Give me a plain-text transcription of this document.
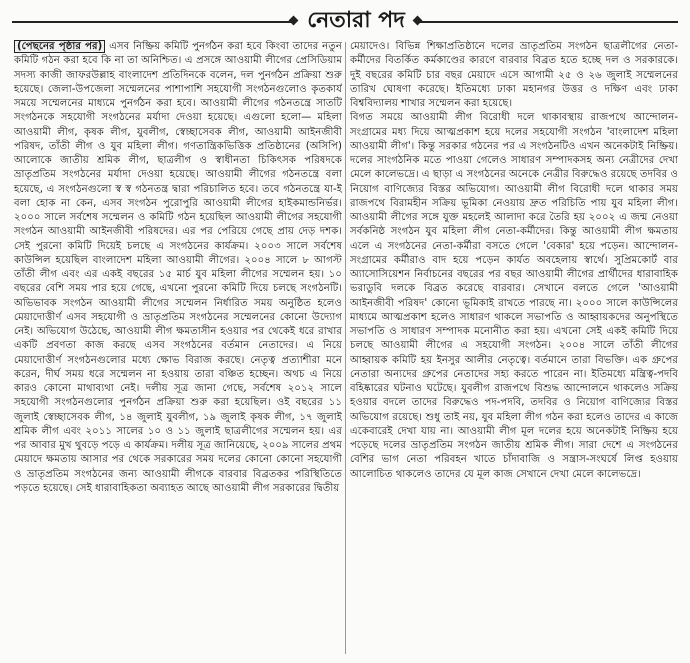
নেতারা পদ

(পেছনের পৃষ্ঠার পর) এসব নিষ্ক্রিয় কমিটি পুনর্গঠন করা হবে কিংবা তাদের নতুন কমিটি গঠন করা হবে কি না তা অনিশ্চিত। এ প্রসঙ্গে আওয়ামী লীগের প্রেসিডিয়াম সদস্য কাজী জাফরউল্লাহ বাংলাদেশ প্রতিদিনকে বলেন, দল পুনর্গঠন প্রক্রিয়া শুরু হয়েছে। জেলা-উপজেলা সম্মেলনের পাশাপাশি সহযোগী সংগঠনগুলোও কৃতকার্য সময়ে সম্মেলনের মাধ্যমে পুনর্গঠন করা হবে। আওয়ামী লীগের গঠনতন্ত্রে সাতটি সংগঠনকে সহযোগী সংগঠনের মর্যাদা দেওয়া হয়েছে। এগুলো হলো— মহিলা আওয়ামী লীগ, কৃষক লীগ, যুবলীগ, স্বেচ্ছাসেবক লীগ, আওয়ামী আইনজীবী পরিষদ, তাঁতী লীগ ও যুব মহিলা লীগ। গণতান্ত্রিকভিত্তিক প্রতিষ্ঠানের (অসিপি) আলোকে জাতীয় শ্রমিক লীগ, ছাত্রলীগ ও স্বাধীনতা চিকিৎসক পরিষদকে ভ্রাতৃপ্রতিম সংগঠনের মর্যাদা দেওয়া হয়েছে। আওয়ামী লীগের গঠনতন্ত্রে বলা হয়েছে, এ সংগঠনগুলো স্ব স্ব গঠনতন্ত্র দ্বারা পরিচালিত হবে। তবে গঠনতন্ত্রে যা-ই বলা হোক না কেন, এসব সংগঠন পুরোপুরি আওয়ামী লীগের হাইকমান্ডনির্ভর। ২০০০ সালে সর্বশেষ সম্মেলন ও কমিটি গঠন হয়েছিল আওয়ামী লীগের সহযোগী সংগঠন আওয়ামী আইনজীবী পরিষদের। এর পর পেরিয়ে গেছে প্রায় দেড় দশক। সেই পুরনো কমিটি দিয়েই চলছে এ সংগঠনের কার্যক্রম। ২০০৩ সালে সর্বশেষ কাউন্সিল হয়েছিল বাংলাদেশ মহিলা আওয়ামী লীগের। ২০০৪ সালে ৮ আগস্ট তাঁতী লীগ এবং এর একই বছরের ১৫ মার্চ যুব মহিলা লীগের সম্মেলন হয়। ১০ বছরের বেশি সময় পার হয়ে গেছে, এখনো পুরনো কমিটি দিয়ে চলছে সংগঠনটি। অভিভাবক সংগঠন আওয়ামী লীগের সম্মেলন নির্ধারিত সময় অনুষ্ঠিত হলেও মেয়াদোত্তীর্ণ এসব সহযোগী ও ভ্রাতৃপ্রতিম সংগঠনের সম্মেলনের কোনো উদ্যোগ নেই। অভিযোগ উঠেছে, আওয়ামী লীগ ক্ষমতাসীন হওয়ার পর থেকেই ধরে রাখার একটি প্রবণতা কাজ করছে এসব সংগঠনের বর্তমান নেতাদের। এ নিয়ে মেয়াদোত্তীর্ণ সংগঠনগুলোর মধ্যে ক্ষোভ বিরাজ করছে। নেতৃত্ব প্রত্যাশীরা মনে করেন, দীর্ঘ সময় ধরে সম্মেলন না হওয়ায় তারা বঞ্চিত হচ্ছেন। অথচ এ নিয়ে কারও কোনো মাথাব্যথা নেই। দলীয় সূত্র জানা গেছে, সর্বশেষ ২০১২ সালে সহযোগী সংগঠনগুলোর পুনর্গঠন প্রক্রিয়া শুরু করা হয়েছিল। ওই বছরের ১১ জুলাই স্বেচ্ছাসেবক লীগ, ১৪ জুলাই যুবলীগ, ১৯ জুলাই কৃষক লীগ, ১৭ জুলাই শ্রমিক লীগ এবং ২০১১ সালের ১০ ও ১১ জুলাই ছাত্রলীগের সম্মেলন হয়। এর পর আবার মুখ থুবড়ে পড়ে এ কার্যক্রম। দলীয় সূত্র জানিয়েছে, ২০০৯ সালের প্রথম মেয়াদে ক্ষমতায় আসার পর থেকে সরকারের সময় দলের কোনো কোনো সহযোগী ও ভ্রাতৃপ্রতিম সংগঠনের জন্য আওয়ামী লীগকে বারবার বিব্রতকর পরিস্থিতিতে পড়তে হয়েছে। সেই ধারাবাহিকতা অব্যাহত আছে আওয়ামী লীগ সরকারের দ্বিতীয়

মেয়াদেও। বিভিন্ন শিক্ষাপ্রতিষ্ঠানে দলের ভ্রাতৃপ্রতিম সংগঠন ছাত্রলীগের নেতা-কর্মীদের বিতর্কিত কর্মকাণ্ডের কারণে বারবার বিব্রত হতে হচ্ছে দল ও সরকারকে। দুই বছরের কমিটি চার বছর মেয়াদে এসে আগামী ২৫ ও ২৬ জুলাই সম্মেলনের তারিখ ঘোষণা করেছে। ইতিমধ্যে ঢাকা মহানগর উত্তর ও দক্ষিণ এবং ঢাকা বিশ্ববিদ্যালয় শাখার সম্মেলন করা হয়েছে।

বিগত সময়ে আওয়ামী লীগ বিরোধী দলে থাকাবস্থায় রাজপথে আন্দোলন-সংগ্রামের মধ্য দিয়ে আত্মপ্রকাশ হয়ে দলের সহযোগী সংগঠন 'বাংলাদেশ মহিলা আওয়ামী লীগ'। কিন্তু সরকার গঠনের পর এ সংগঠনটিও এখন অনেকটাই নিষ্ক্রিয়। দলের সাংগঠনিক মতে পাওয়া গেলেও সাধারণ সম্পাদকসহ অন্য নেত্রীদের দেখা মেলে কালেভদ্রে। এ ছাড়া এ সংগঠনের অনেকে নেত্রীর বিরুদ্ধেও রয়েছে তদবির ও নিয়োগ বাণিজ্যের বিস্তর অভিযোগ। আওয়ামী লীগ বিরোধী দলে থাকার সময় রাজপথে বিরামহীন সক্রিয় ভূমিকা নেওয়ায় দ্রুত পরিচিতি পায় যুব মহিলা লীগ। আওয়ামী লীগের সঙ্গে যুক্ত মহলেই আলাদা করে তৈরি হয় ২০০২ এ জন্ম নেওয়া সর্বকনিষ্ঠ সংগঠন যুব মহিলা লীগ নেতা-কর্মীদের। কিন্তু আওয়ামী লীগ ক্ষমতায় এলে এ সংগঠনের নেতা-কর্মীরা বসতে গেলে 'বেকার' হয়ে পড়েন। আন্দোলন-সংগ্রামের কর্মীরাও বাদ হয়ে পড়েন কার্যত অবহেলায় স্বার্থে। সুপ্রিমকোর্ট বার অ্যাসোসিয়েশন নির্বাচনের বছরের পর বছর আওয়ামী লীগের প্রার্থীদের ধারাবাহিক ভরাডুবি দলকে বিব্রত করেছে বারবার। সেখানে বলতে গেলে 'আওয়ামী আইনজীবী পরিষদ' কোনো ভূমিকাই রাখতে পারছে না। ২০০০ সালে কাউন্সিলের মাধ্যমে আত্মপ্রকাশ হলেও সাধারণ থাকলে সভাপতি ও আহ্বায়কদের অনুপস্থিতে সভাপতি ও সাধারণ সম্পাদক মনোনীত করা হয়। এখনো সেই একই কমিটি দিয়ে চলছে আওয়ামী লীগের এ সহযোগী সংগঠন। ২০০৪ সালে তাঁতী লীগের আহ্বায়ক কমিটি হয় ইনসুর আলীর নেতৃত্বে। বর্তমানে তারা বিভক্তি। এক গ্রুপের নেতারা অন্যদের গ্রুপের নেতাদের সহ্য করতে পারেন না। ইতিমধ্যে মন্ত্রিত্ব-পদবি বহিষ্কারের ঘটনাও ঘটেছে। যুবলীগ রাজপথে বিশুদ্ধ আন্দোলনে থাকলেও সক্রিয় হওয়ার বদলে তাদের বিরুদ্ধেও পদ-পদবি, তদবির ও নিয়োগ বাণিজ্যের বিস্তর অভিযোগ রয়েছে। শুধু তাই নয়, যুব মহিলা লীগ গঠন করা হলেও তাদের এ কাজে একেবারেই দেখা যায় না। আওয়ামী লীগ মূল দলের হয়ে অনেকটাই নিষ্ক্রিয় হয়ে পড়েছে দলের ভ্রাতৃপ্রতিম সংগঠন জাতীয় শ্রমিক লীগ। সারা দেশে এ সংগঠনের বেশির ভাগ নেতা পরিবহন খাতে চাঁদাবাজি ও সন্ত্রাস-সংঘর্ষে লিপ্ত হওয়ায় আলোচিত থাকলেও তাদের যে মূল কাজ সেখানে দেখা মেলে কালেভদ্রে।
